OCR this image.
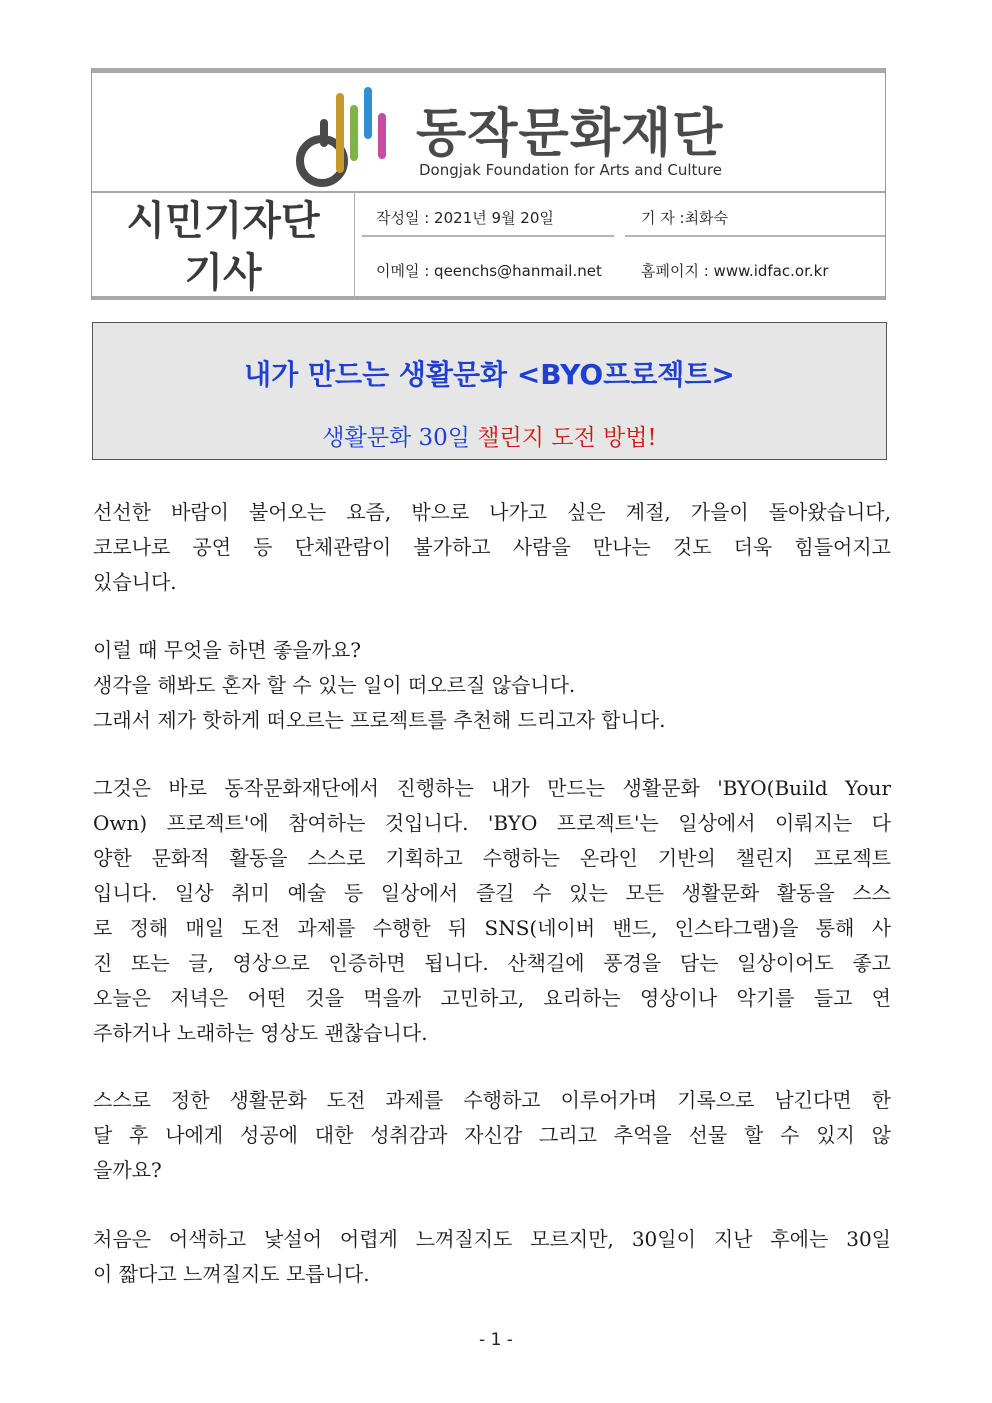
동작문화재단
Dongjak Foundation for Arts and Culture
시민기자단
기사
작성일 : 2021년 9월 20일	기 자 :최화숙
이메일 : qeenchs@hanmail.net	홈페이지 : www.idfac.or.kr
내가 만드는 생활문화 <BYO프로젝트>
생활문화 30일 챌린지 도전 방법!
선선한 바람이 불어오는 요즘, 밖으로 나가고 싶은 계절, 가을이 돌아왔습니다,
코로나로 공연 등 단체관람이 불가하고 사람을 만나는 것도 더욱 힘들어지고
있습니다.
이럴 때 무엇을 하면 좋을까요?
생각을 해봐도 혼자 할 수 있는 일이 떠오르질 않습니다.
그래서 제가 핫하게 떠오르는 프로젝트를 추천해 드리고자 합니다.
그것은 바로 동작문화재단에서 진행하는 내가 만드는 생활문화 'BYO(Build Your
Own) 프로젝트'에 참여하는 것입니다. 'BYO 프로젝트'는 일상에서 이뤄지는 다
양한 문화적 활동을 스스로 기획하고 수행하는 온라인 기반의 챌린지 프로젝트
입니다. 일상 취미 예술 등 일상에서 즐길 수 있는 모든 생활문화 활동을 스스
로 정해 매일 도전 과제를 수행한 뒤 SNS(네이버 밴드, 인스타그램)을 통해 사
진 또는 글, 영상으로 인증하면 됩니다. 산책길에 풍경을 담는 일상이어도 좋고
오늘은 저녁은 어떤 것을 먹을까 고민하고, 요리하는 영상이나 악기를 들고 연
주하거나 노래하는 영상도 괜찮습니다.
스스로 정한 생활문화 도전 과제를 수행하고 이루어가며 기록으로 남긴다면 한
달 후 나에게 성공에 대한 성취감과 자신감 그리고 추억을 선물 할 수 있지 않
을까요?
처음은 어색하고 낯설어 어렵게 느껴질지도 모르지만, 30일이 지난 후에는 30일
이 짧다고 느껴질지도 모릅니다.
- 1 -
